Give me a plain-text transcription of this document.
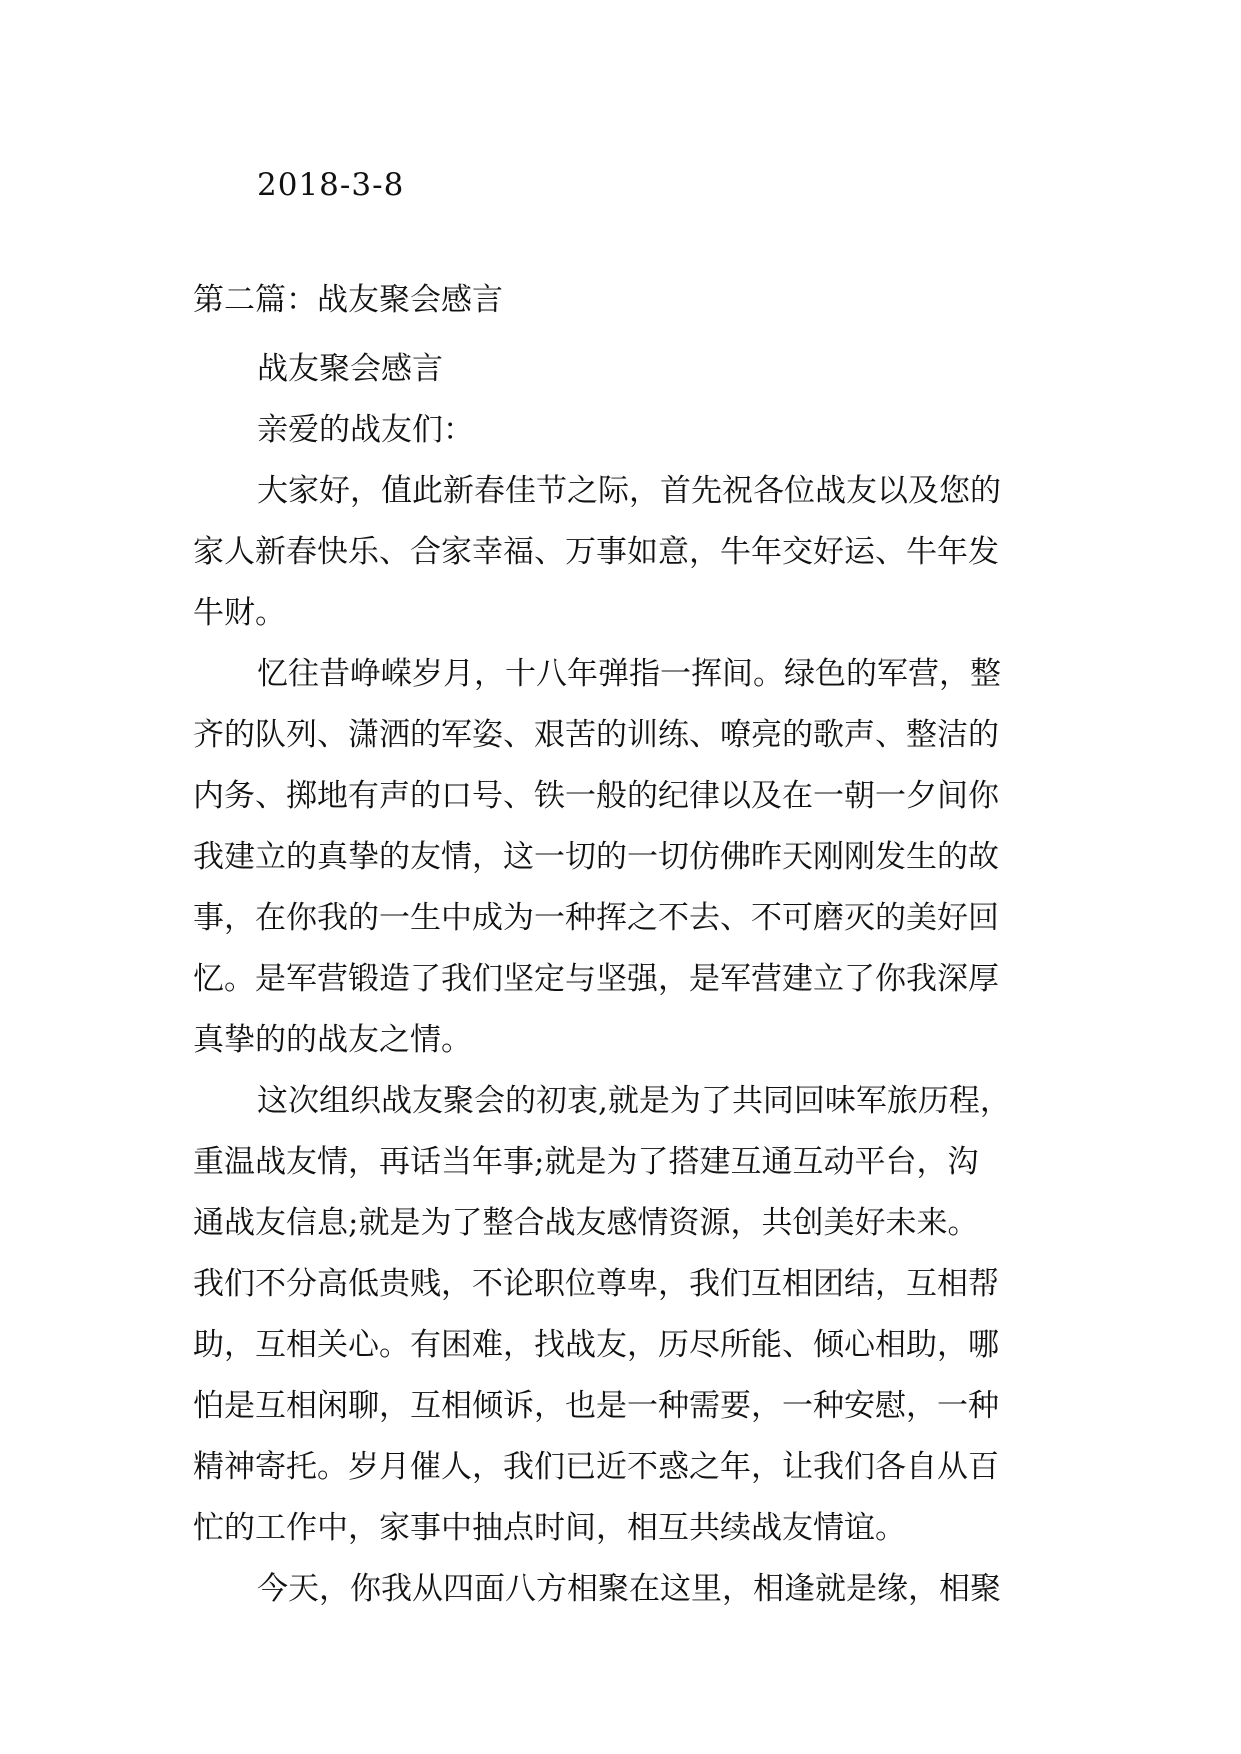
2018-3-8
第二篇：战友聚会感言
战友聚会感言
亲爱的战友们：
大家好，值此新春佳节之际，首先祝各位战友以及您的
家人新春快乐、合家幸福、万事如意，牛年交好运、牛年发
牛财。
忆往昔峥嵘岁月，十八年弹指一挥间。绿色的军营，整
齐的队列、潇洒的军姿、艰苦的训练、嘹亮的歌声、整洁的
内务、掷地有声的口号、铁一般的纪律以及在一朝一夕间你
我建立的真挚的友情，这一切的一切仿佛昨天刚刚发生的故
事，在你我的一生中成为一种挥之不去、不可磨灭的美好回
忆。是军营锻造了我们坚定与坚强，是军营建立了你我深厚
真挚的的战友之情。
这次组织战友聚会的初衷,就是为了共同回味军旅历程，
重温战友情，再话当年事;就是为了搭建互通互动平台，沟
通战友信息;就是为了整合战友感情资源，共创美好未来。
我们不分高低贵贱，不论职位尊卑，我们互相团结，互相帮
助，互相关心。有困难，找战友，历尽所能、倾心相助，哪
怕是互相闲聊，互相倾诉，也是一种需要，一种安慰，一种
精神寄托。岁月催人，我们已近不惑之年，让我们各自从百
忙的工作中，家事中抽点时间，相互共续战友情谊。
今天，你我从四面八方相聚在这里，相逢就是缘，相聚
